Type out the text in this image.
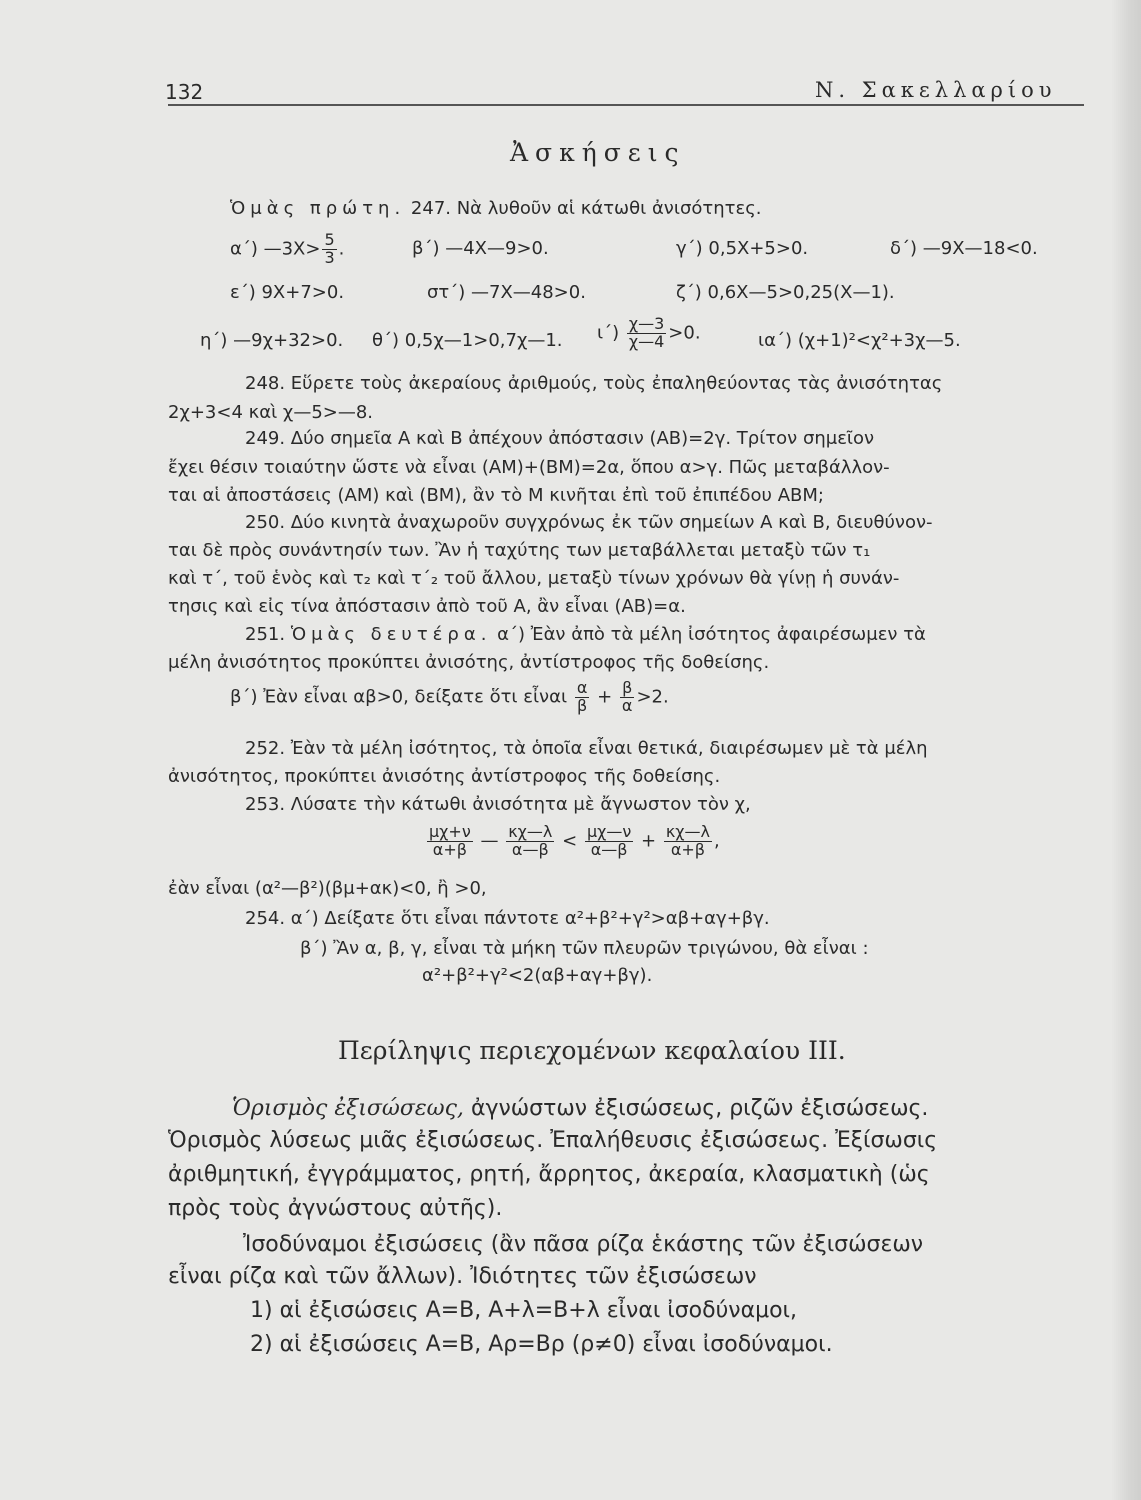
132	Ν. Σακελλαρίου
Ἀσκήσεις
Ὁμὰς πρώτη. 247. Νὰ λυθοῦν αἱ κάτωθι ἀνισότητες.
α΄) —3Χ> $\frac{5}{3}$ .	β΄) —4Χ—9>0.	γ΄) 0,5Χ+5>0.	δ΄) —9Χ—18<0.
ε΄) 9Χ+7>0.	στ΄) —7Χ—48>0.	ζ΄) 0,6Χ—5>0,25(Χ—1).
η΄) —9χ+32>0. θ΄) 0,5χ—1>0,7χ—1. $\iota΄) \frac{\chi—3}{\chi—4} >0$.	ια΄) (χ+1)²<χ²+3χ—5.
248. Εὕρετε τοὺς ἀκεραίους ἀριθμούς, τοὺς ἐπαληθεύοντας τὰς ἀνισότητας
2χ+3<4 καὶ χ—5>—8.
249. Δύο σημεῖα Α καὶ Β ἀπέχουν ἀπόστασιν (ΑΒ)=2γ. Τρίτον σημεῖον
ἔχει θέσιν τοιαύτην ὥστε νὰ εἶναι (ΑΜ)+(ΒΜ)=2α, ὅπου α>γ. Πῶς μεταβάλλον-
ται αἱ ἀποστάσεις (ΑΜ) καὶ (ΒΜ), ἂν τὸ Μ κινῆται ἐπὶ τοῦ ἐπιπέδου ΑΒΜ;
250. Δύο κινητὰ ἀναχωροῦν συγχρόνως ἐκ τῶν σημείων Α καὶ Β, διευθύνον-
ται δὲ πρὸς συνάντησίν των. Ἂν ἡ ταχύτης των μεταβάλλεται μεταξὺ τῶν τ₁
καὶ τ΄, τοῦ ἑνὸς καὶ τ₂ καὶ τ΄₂ τοῦ ἄλλου, μεταξὺ τίνων χρόνων θὰ γίνῃ ἡ συνάν-
τησις καὶ εἰς τίνα ἀπόστασιν ἀπὸ τοῦ Α, ἂν εἶναι (ΑΒ)=α.
251. Ὁμὰς δευτέρα. α΄) Ἐὰν ἀπὸ τὰ μέλη ἰσότητος ἀφαιρέσωμεν τὰ
μέλη ἀνισότητος προκύπτει ἀνισότης, ἀντίστροφος τῆς δοθείσης.
β΄) Ἐὰν εἶναι αβ>0, δείξατε ὅτι εἶναι $\frac{\alpha}{\beta} + \frac{\beta}{\alpha} >2$.
252. Ἐὰν τὰ μέλη ἰσότητος, τὰ ὁποῖα εἶναι θετικά, διαιρέσωμεν μὲ τὰ μέλη
ἀνισότητος, προκύπτει ἀνισότης ἀντίστροφος τῆς δοθείσης.
253. Λύσατε τὴν κάτωθι ἀνισότητα μὲ ἄγνωστον τὸν χ,
$\frac{\mu\chi+\nu}{\alpha+\beta}$ — $\frac{\kappa\chi—\lambda}{\alpha—\beta} < \frac{\mu\chi—\nu}{\alpha—\beta} + \frac{\kappa\chi—\lambda}{\alpha+\beta}$ ,
ἐὰν εἶναι (α²—β²)(βμ+ακ)<0, ἢ >0,
254. α΄) Δείξατε ὅτι εἶναι πάντοτε α²+β²+γ²>αβ+αγ+βγ.
β΄) Ἂν α, β, γ, εἶναι τὰ μήκη τῶν πλευρῶν τριγώνου, θὰ εἶναι :
α²+β²+γ²<2(αβ+αγ+βγ).
Περίληψις περιεχομένων κεφαλαίου ΙΙΙ.
Ὁρισμὸς ἐξισώσεως, ἀγνώστων ἐξισώσεως, ριζῶν ἐξισώσεως.
Ὁρισμὸς λύσεως μιᾶς ἐξισώσεως. Ἐπαλήθευσις ἐξισώσεως. Ἐξίσωσις
ἀριθμητική, ἐγγράμματος, ρητή, ἄρρητος, ἀκεραία, κλασματικὴ (ὡς
πρὸς τοὺς ἀγνώστους αὐτῆς).
Ἰσοδύναμοι ἐξισώσεις (ἂν πᾶσα ρίζα ἑκάστης τῶν ἐξισώσεων
εἶναι ρίζα καὶ τῶν ἄλλων). Ἰδιότητες τῶν ἐξισώσεων
1) αἱ ἐξισώσεις Α=Β, Α+λ=Β+λ εἶναι ἰσοδύναμοι,
2) αἱ ἐξισώσεις Α=Β, Αρ=Βρ (ρ≠0) εἶναι ἰσοδύναμοι.
